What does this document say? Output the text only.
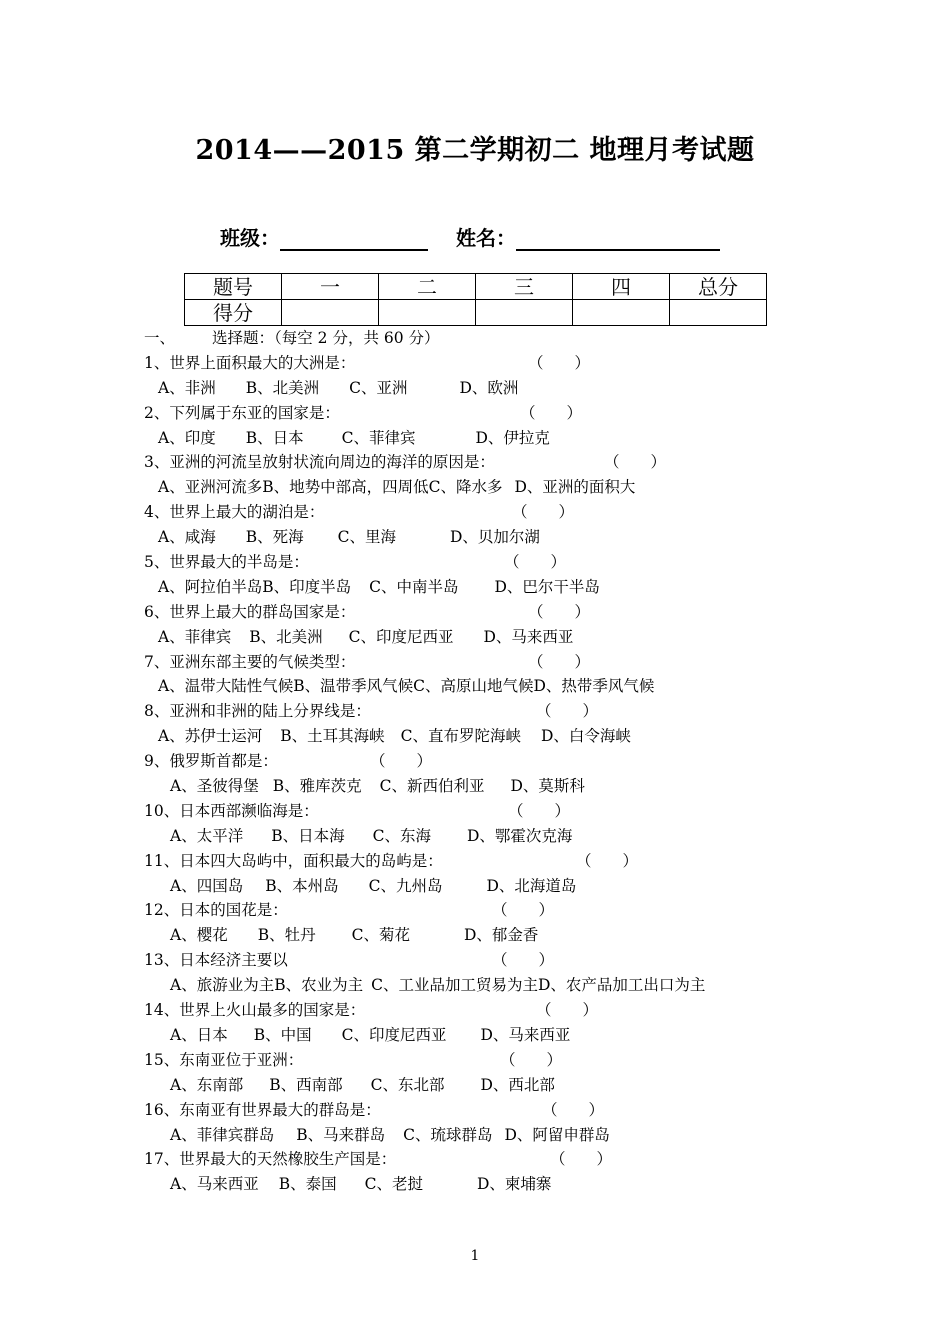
2014——2015 第二学期初二 地理月考试题
班级：	姓名：
题号	一	二	三	四	总分
得分					
一、	选择题：（每空 2 分，共 60 分）
1、世界上面积最大的大洲是：	（　　）
A、非洲 B、北美洲 C、亚洲	D、欧洲
2、下列属于东亚的国家是：	（　　）
A、印度 B、日本 C、菲律宾	D、伊拉克
3、亚洲的河流呈放射状流向周边的海洋的原因是：	（　　）
A、亚洲河流多B、地势中部高，四周低C、降水多 D、亚洲的面积大
4、世界上最大的湖泊是：	（　　）
A、咸海 B、死海 C、里海	D、贝加尔湖
5、世界最大的半岛是：	（　　）
A、阿拉伯半岛B、印度半岛 C、中南半岛 D、巴尔干半岛
6、世界上最大的群岛国家是：	（　　）
A、菲律宾 B、北美洲 C、印度尼西亚 D、马来西亚
7、亚洲东部主要的气候类型：	（　　）
A、温带大陆性气候B、温带季风气候C、高原山地气候D、热带季风气候
8、亚洲和非洲的陆上分界线是：	（　　）
A、苏伊士运河 B、土耳其海峡 C、直布罗陀海峡 D、白令海峡
9、俄罗斯首都是：	（　　）
A、圣彼得堡 B、雅库茨克 C、新西伯利亚 D、莫斯科
10、日本西部濒临海是：	（　　）
A、太平洋 B、日本海 C、东海 D、鄂霍次克海
11、日本四大岛屿中，面积最大的岛屿是：	（　　）
A、四国岛 B、本州岛 C、九州岛	D、北海道岛
12、日本的国花是：	（　　）
A、樱花 B、牡丹 C、菊花	D、郁金香
13、日本经济主要以	（　　）
A、旅游业为主B、农业为主 C、工业品加工贸易为主D、农产品加工出口为主
14、世界上火山最多的国家是：	（　　）
A、日本 B、中国 C、印度尼西亚 D、马来西亚
15、东南亚位于亚洲：	（　　）
A、东南部 B、西南部 C、东北部 D、西北部
16、东南亚有世界最大的群岛是：	（　　）
A、菲律宾群岛 B、马来群岛 C、琉球群岛 D、阿留申群岛
17、世界最大的天然橡胶生产国是：	（　　）
A、马来西亚 B、泰国 C、老挝	D、柬埔寨
1
